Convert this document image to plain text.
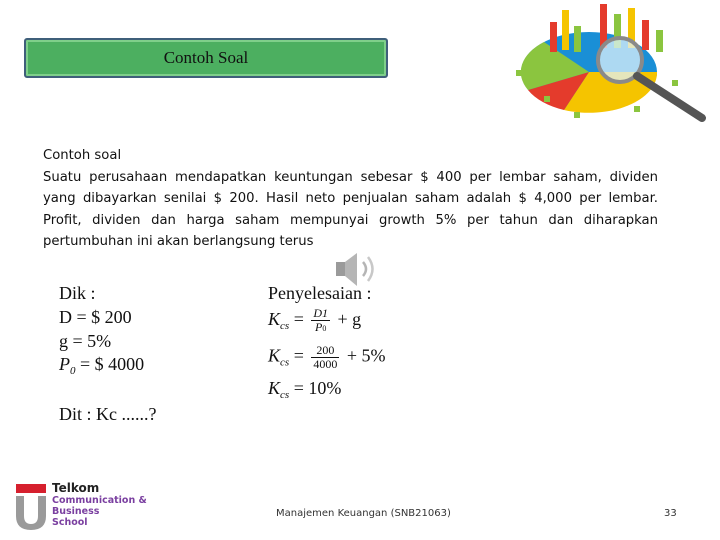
Contoh Soal
Contoh soal
Suatu perusahaan mendapatkan keuntungan sebesar $ 400 per lembar saham, dividen yang dibayarkan senilai $ 200. Hasil neto penjualan saham adalah $ 4,000 per lembar. Profit, dividen dan harga saham mempunyai growth 5% per tahun dan diharapkan pertumbuhan ini akan berlangsung terus
Dik :
D = $ 200
g = 5%
$P_0$ = $ 4000
Dit : Kc ......?
Penyelesaian :
$K_{cs} = \frac{D1}{P0} + g$
$K_{cs} = \frac{200}{4000} + 5\%$
$K_{cs} = 10\%$
Telkom
Communication &
Business
School
Manajemen Keuangan (SNB21063)	33
